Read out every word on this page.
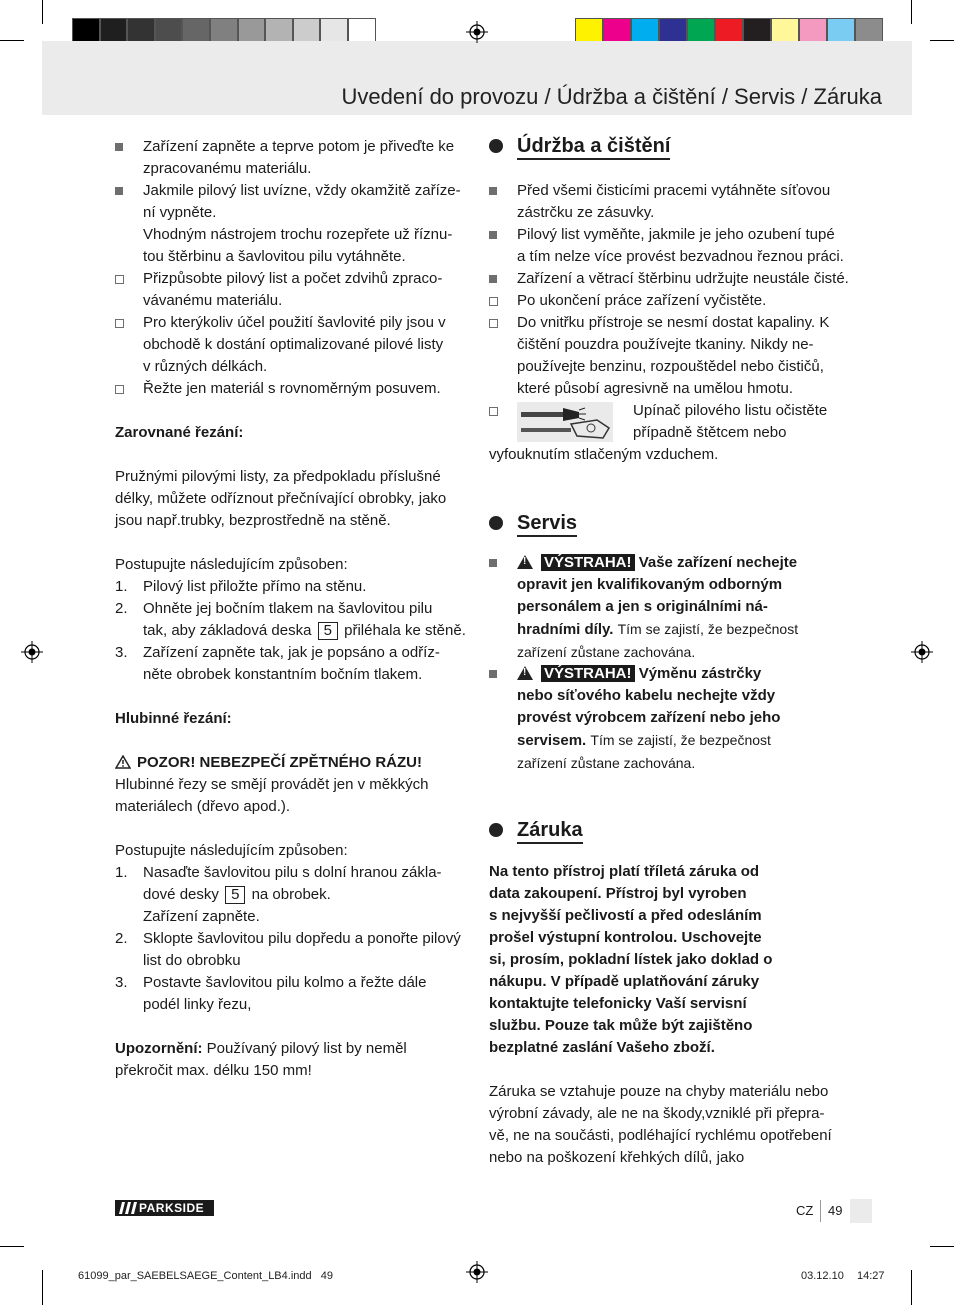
Uvedení do provozu / Údržba a čištění / Servis / Záruka
Zařízení zapněte a teprve potom je přiveďte ke
zpracovanému materiálu.
Jakmile pilový list uvízne, vždy okamžitě zaříze-
ní vypněte.
Vhodným nástrojem trochu rozepřete už říznu-
tou štěrbinu a šavlovitou pilu vytáhněte.
Přizpůsobte pilový list a počet zdvihů zpraco-
vávanému materiálu.
Pro kterýkoliv účel použití šavlovité pily jsou v
obchodě k dostání optimalizované pilové listy
v různých délkách.
Řežte jen materiál s rovnoměrným posuvem.

Zarovnané řezání:

Pružnými pilovými listy, za předpokladu příslušné
délky, můžete odříznout přečnívající obrobky, jako
jsou např.trubky, bezprostředně na stěně.
Postupujte následujícím způsoben:
1. Pilový list přiložte přímo na stěnu.
2. Ohněte jej bočním tlakem na šavlovitou pilu
tak, aby základová deska 5 přiléhala ke stěně.
3. Zařízení zapněte tak, jak je popsáno a odříz-
něte obrobek konstantním bočním tlakem.

Hlubinné řezání:

POZOR! NEBEZPEČÍ ZPĚTNÉHO RÁZU!
Hlubinné řezy se smějí provádět jen v měkkých
materiálech (dřevo apod.).
Postupujte následujícím způsoben:
1. Nasaďte šavlovitou pilu s dolní hranou zákla-
dové desky 5 na obrobek.
Zařízení zapněte.
2. Sklopte šavlovitou pilu dopředu a ponořte pilový
list do obrobku
3. Postavte šavlovitou pilu kolmo a řežte dále
podél linky řezu,
Upozornění: Používaný pilový list by neměl
překročit max. délku 150 mm!
Údržba a čištění
Před všemi čisticími pracemi vytáhněte síťovou
zástrčku ze zásuvky.
Pilový list vyměňte, jakmile je jeho ozubení tupé
a tím nelze více provést bezvadnou řeznou práci.
Zařízení a větrací štěrbinu udržujte neustále čisté.
Po ukončení práce zařízení vyčistěte.
Do vnitřku přístroje se nesmí dostat kapaliny. K
čištění pouzdra používejte tkaniny. Nikdy ne-
používejte benzinu, rozpouštědel nebo čističů,
které působí agresivně na umělou hmotu.
Upínač pilového listu očistěte
případně štětcem nebo
vyfouknutím stlačeným vzduchem.
Servis
!VÝSTRAHA! Vaše zařízení nechejte
opravit jen kvalifikovaným odborným
personálem a jen s originálními ná-
hradními díly. Tím se zajistí, že bezpečnost
zařízení zůstane zachována.
!VÝSTRAHA! Výměnu zástrčky
nebo síťového kabelu nechejte vždy
provést výrobcem zařízení nebo jeho
servisem. Tím se zajistí, že bezpečnost
zařízení zůstane zachována.
Záruka
Na tento přístroj platí tříletá záruka od
data zakoupení. Přístroj byl vyroben
s nejvyšší pečlivostí a před odesláním
prošel výstupní kontrolou. Uschovejte
si, prosím, pokladní lístek jako doklad o
nákupu. V případě uplatňování záruky
kontaktujte telefonicky Vaší servisní
službu. Pouze tak může být zajištěno
bezplatné zaslání Vašeho zboží.
Záruka se vztahuje pouze na chyby materiálu nebo
výrobní závady, ale ne na škody,vzniklé při přepra-
vě, ne na součásti, podléhající rychlému opotřebení
nebo na poškození křehkých dílů, jako
PARKSIDE	CZ 49
61099_par_SAEBELSAEGE_Content_LB4.indd   49	03.12.10 14:27
